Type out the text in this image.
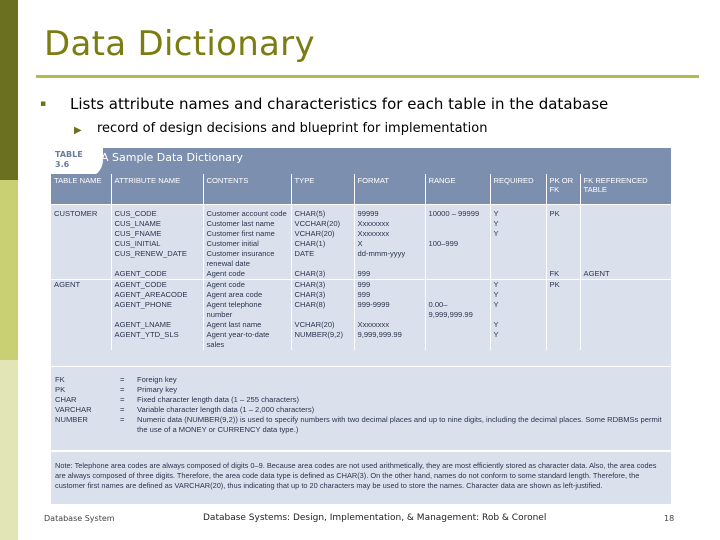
Data Dictionary
▪ Lists attribute names and characteristics for each table in the database
▶ record of design decisions and blueprint for implementation
TABLE 3.6
A Sample Data Dictionary
TABLE NAME	ATTRIBUTE NAME	CONTENTS	TYPE	FORMAT	RANGE	REQUIRED	PK OR FK	FK REFERENCED TABLE
CUSTOMER	CUS_CODE	Customer account code	CHAR(5)	99999	10000 – 99999	Y	PK	
	CUS_LNAME	Customer last name	VCCHAR(20)	Xxxxxxxx		Y		
	CUS_FNAME	Customer first name	VCHAR(20)	Xxxxxxxx		Y		
	CUS_INITIAL	Customer initial	CHAR(1)	X	100–999			
	CUS_RENEW_DATE	Customer insurance renewal date	DATE	dd-mmm-yyyy				
	AGENT_CODE	Agent code	CHAR(3)	999			FK	AGENT
AGENT	AGENT_CODE	Agent code	CHAR(3)	999		Y	PK	
	AGENT_AREACODE	Agent area code	CHAR(3)	999		Y		
	AGENT_PHONE	Agent telephone number	CHAR(8)	999-9999	0.00– 9,999,999.99	Y		
	AGENT_LNAME	Agent last name	VCHAR(20)	Xxxxxxxx		Y		
	AGENT_YTD_SLS	Agent year-to-date sales	NUMBER(9,2)	9,999,999.99		Y		
FK	=	Foreign key
PK	=	Primary key
CHAR	=	Fixed character length data (1 – 255 characters)
VARCHAR	=	Variable character length data (1 – 2,000 characters)
NUMBER	=	Numeric data (NUMBER(9,2)) is used to specify numbers with two decimal places and up to nine digits, including the decimal places. Some RDBMSs permit the use of a MONEY or CURRENCY data type.)
Note: Telephone area codes are always composed of digits 0–9. Because area codes are not used arithmetically, they are most efficiently stored as character data. Also, the area codes are always composed of three digits. Therefore, the area code data type is defined as CHAR(3). On the other hand, names do not conform to some standard length. Therefore, the customer first names are defined as VARCHAR(20), thus indicating that up to 20 characters may be used to store the names. Character data are shown as left-justified.
Database System	Database Systems: Design, Implementation, & Management: Rob & Coronel	18
